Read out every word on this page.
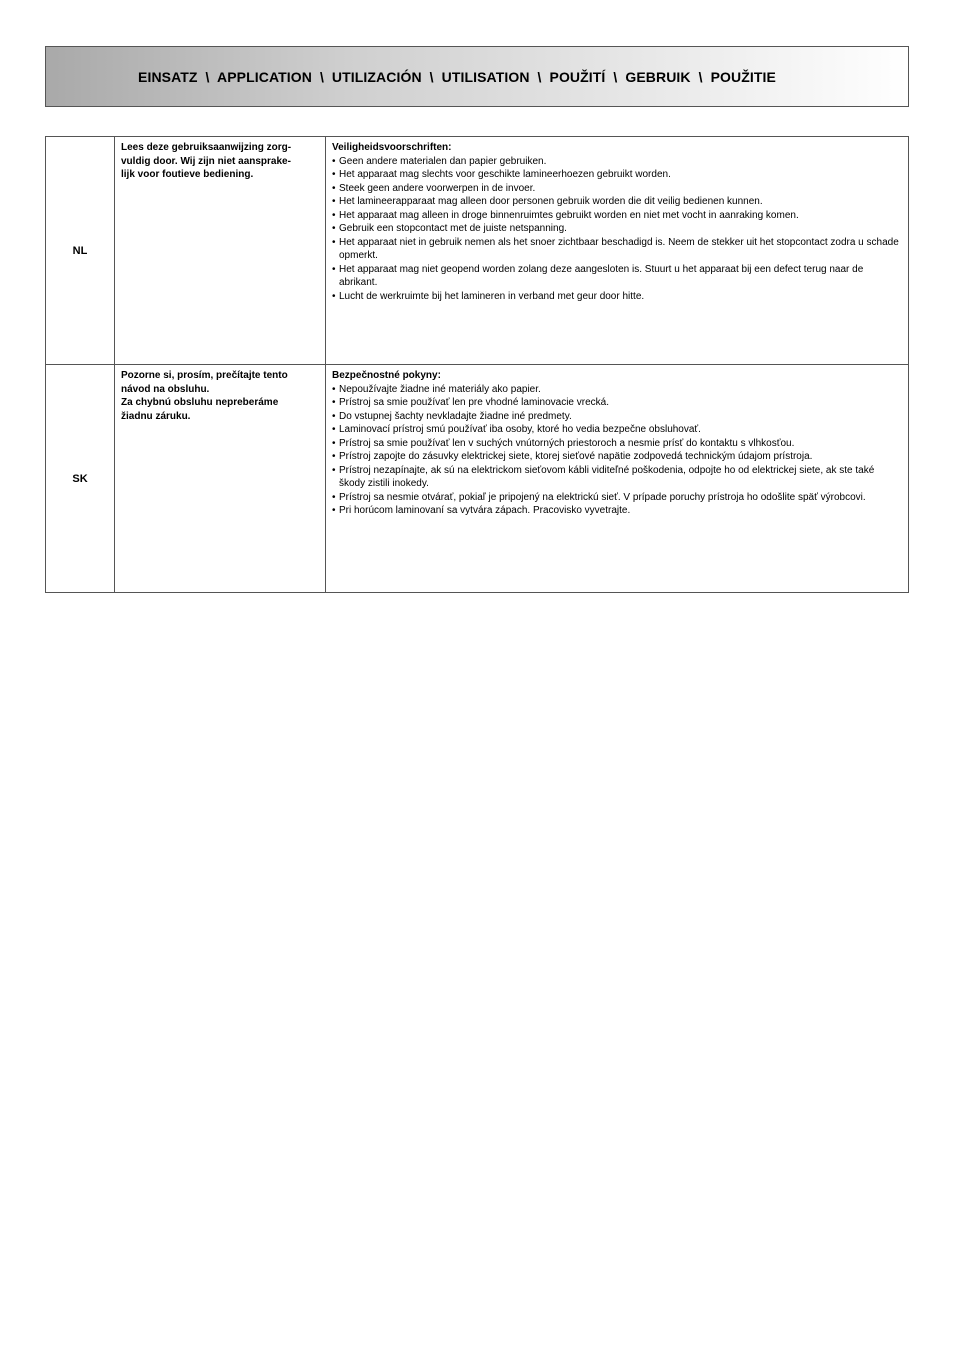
EINSATZ  \  APPLICATION  \  UTILIZACIÓN  \  UTILISATION  \  POUŽITÍ  \  GEBRUIK  \  POUŽITIE
NL
Lees deze gebruiksaanwijzing zorg-
vuldig door. Wij zijn niet aansprake-
lijk voor foutieve bediening.
Veiligheidsvoorschriften:
• Geen andere materialen dan papier gebruiken.
• Het apparaat mag slechts voor geschikte lamineerhoezen gebruikt worden.
• Steek geen andere voorwerpen in de invoer.
• Het lamineerapparaat mag alleen door personen gebruik worden die dit veilig bedienen kunnen.
• Het apparaat mag alleen in droge binnenruimtes gebruikt worden en niet met vocht in aanraking komen.
• Gebruik een stopcontact met de juiste netspanning.
• Het apparaat niet in gebruik nemen als het snoer zichtbaar beschadigd is. Neem de stekker uit het stopcontact zodra u schade opmerkt.
• Het apparaat mag niet geopend worden zolang deze aangesloten is. Stuurt u het apparaat bij een defect terug naar de abrikant.
• Lucht de werkruimte bij het lamineren in verband met geur door hitte.
SK
Pozorne si, prosím, prečítajte tento
návod na obsluhu.
Za chybnú obsluhu nepreberáme
žiadnu záruku.
Bezpečnostné pokyny:
• Nepoužívajte žiadne iné materiály ako papier.
• Prístroj sa smie používať len pre vhodné laminovacie vrecká.
• Do vstupnej šachty nevkladajte žiadne iné predmety.
• Laminovací prístroj smú používať iba osoby, ktoré ho vedia bezpečne obsluhovať.
• Prístroj sa smie používať len v suchých vnútorných priestoroch a nesmie prísť do kontaktu s vlhkosťou.
• Prístroj zapojte do zásuvky elektrickej siete, ktorej sieťové napätie zodpovedá technickým údajom prístroja.
• Prístroj nezapínajte, ak sú na elektrickom sieťovom kábli viditeľné poškodenia, odpojte ho od elektrickej siete, ak ste také škody zistili inokedy.
• Prístroj sa nesmie otvárať, pokiaľ je pripojený na elektrickú sieť. V prípade poruchy prístroja ho odošlite späť výrobcovi.
• Pri horúcom laminovaní sa vytvára zápach. Pracovisko vyvetrajte.
